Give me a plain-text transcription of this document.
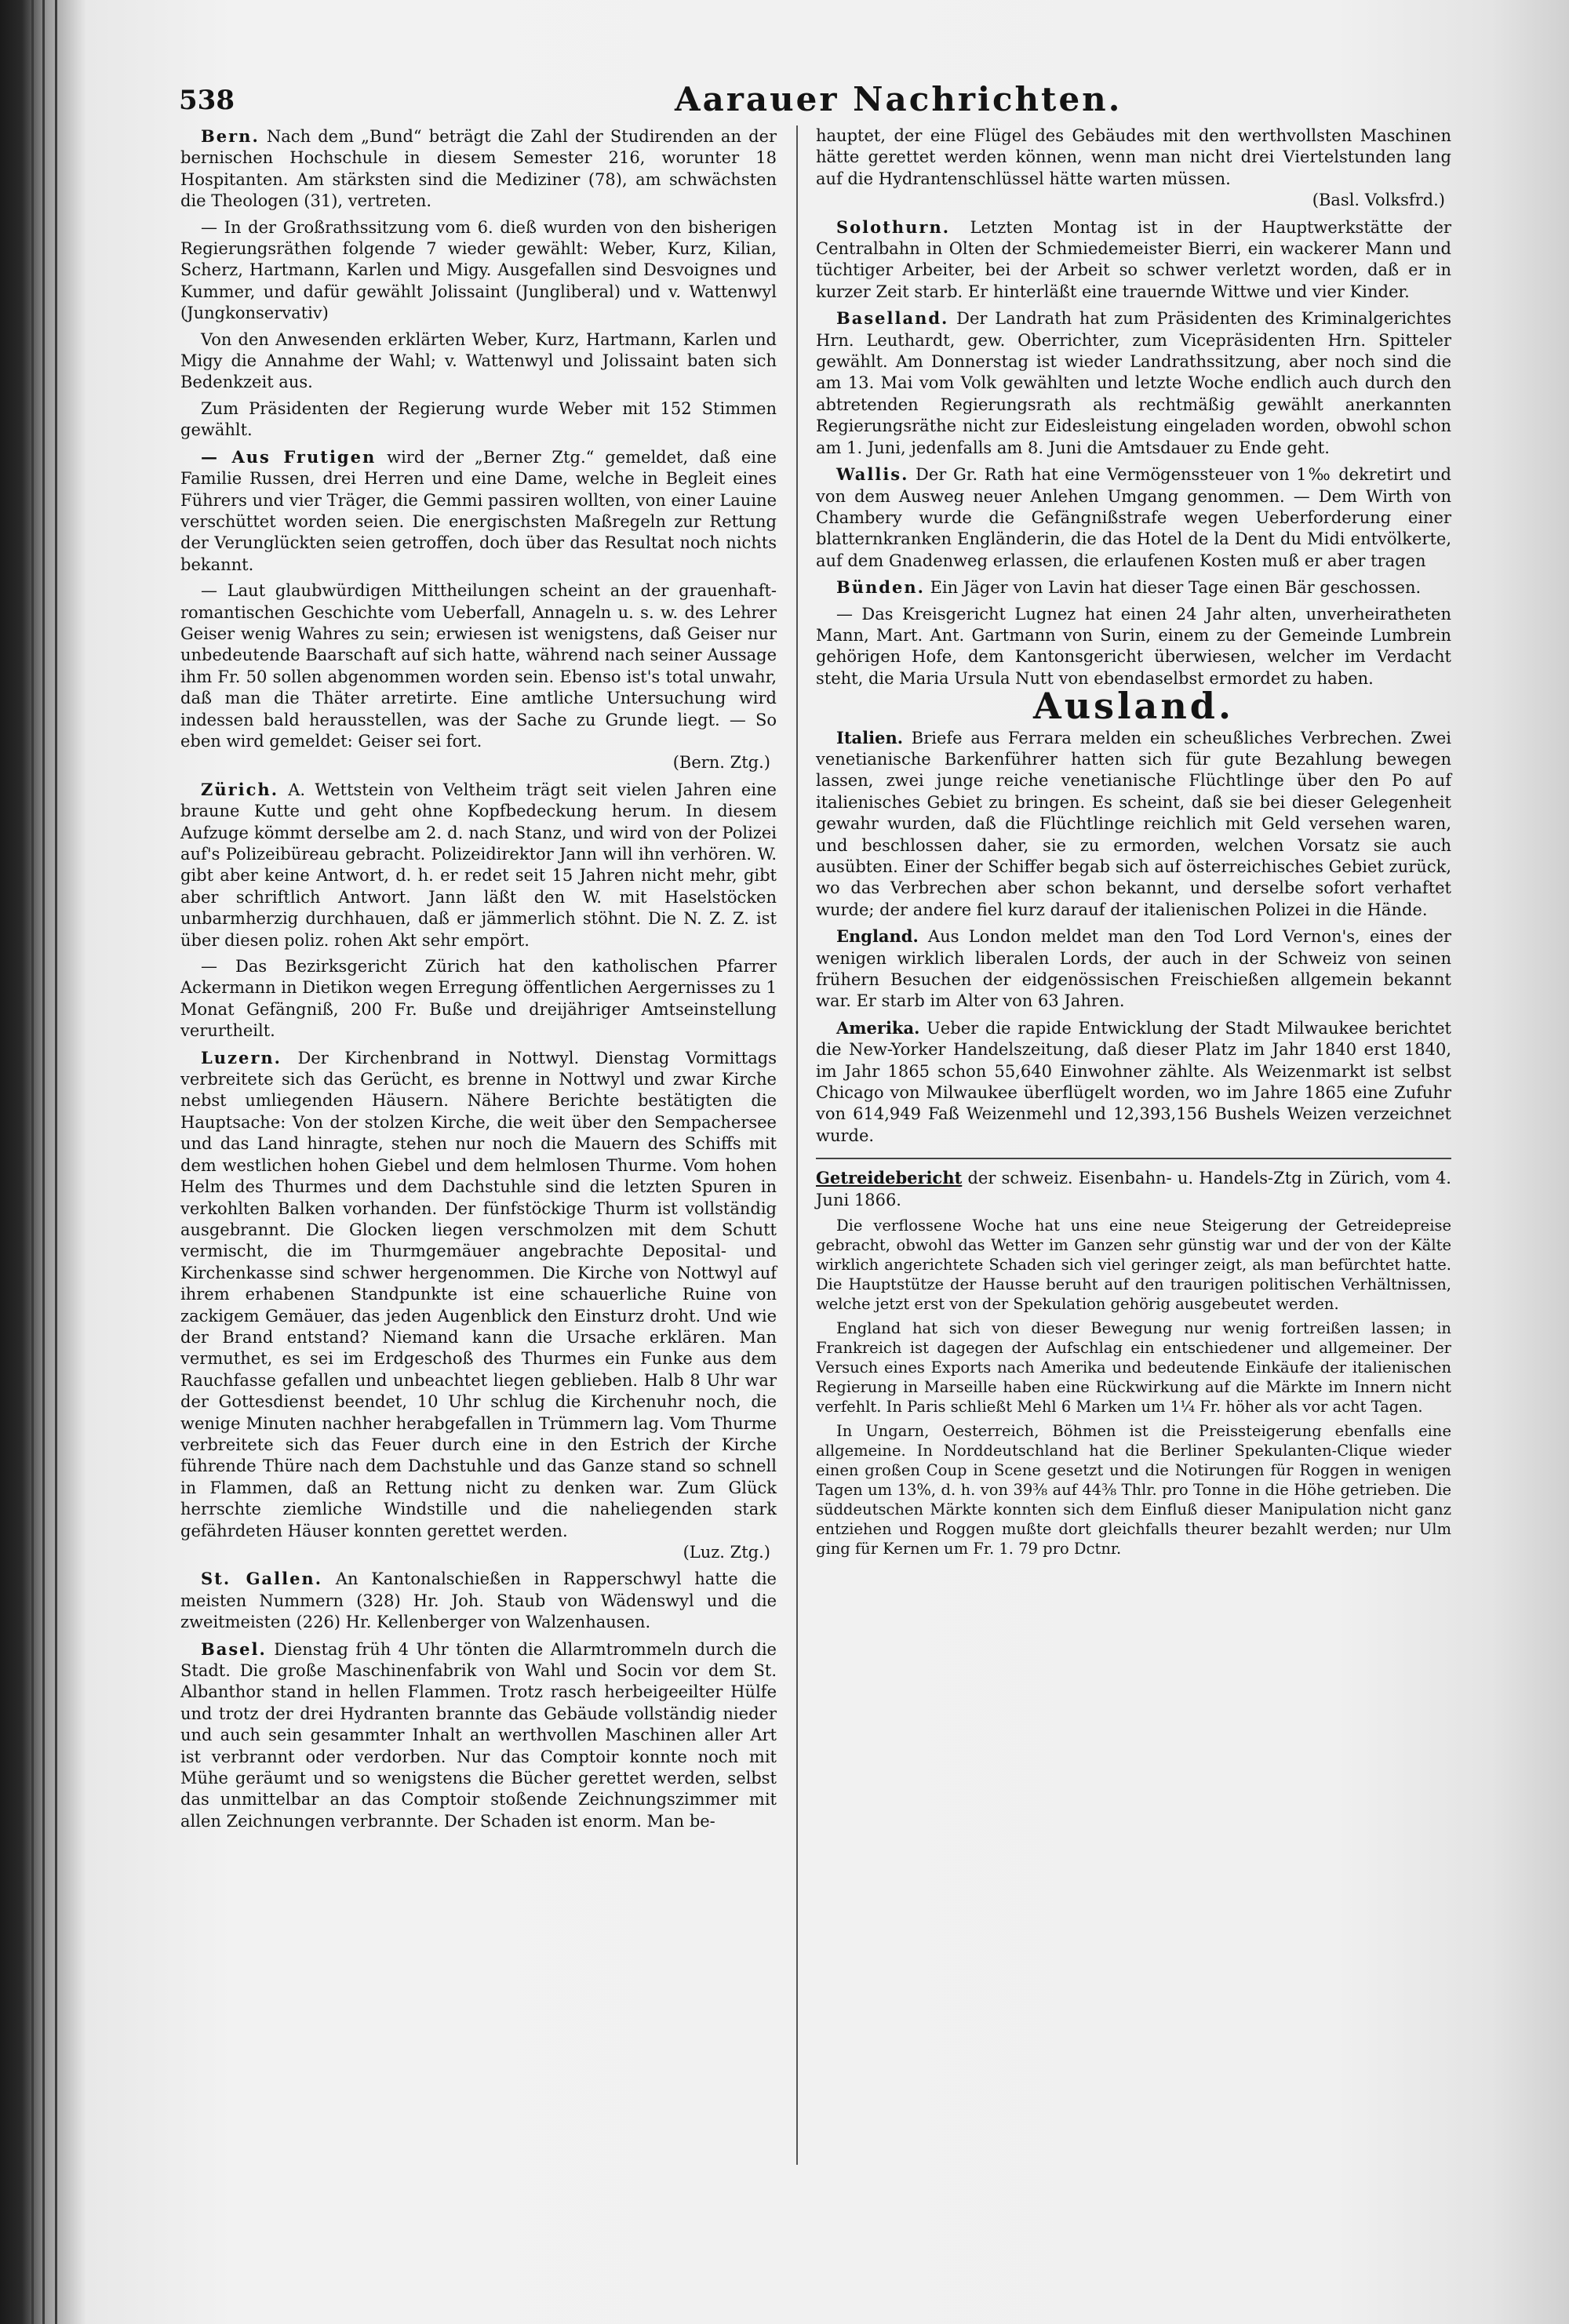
538	Aarauer Nachrichten.

Bern. Nach dem „Bund“ beträgt die Zahl der Studirenden an der bernischen Hochschule in diesem Semester 216, worunter 18 Hospitanten. Am stärksten sind die Mediziner (78), am schwächsten die Theologen (31), vertreten.

— In der Großrathssitzung vom 6. dieß wurden von den bisherigen Regierungsräthen folgende 7 wieder gewählt: Weber, Kurz, Kilian, Scherz, Hartmann, Karlen und Migy. Ausgefallen sind Desvoignes und Kummer, und dafür gewählt Jolissaint (Jungliberal) und v. Wattenwyl (Jungkonservativ)

Von den Anwesenden erklärten Weber, Kurz, Hartmann, Karlen und Migy die Annahme der Wahl; v. Wattenwyl und Jolissaint baten sich Bedenkzeit aus.

Zum Präsidenten der Regierung wurde Weber mit 152 Stimmen gewählt.

— Aus Frutigen wird der „Berner Ztg.“ gemeldet, daß eine Familie Russen, drei Herren und eine Dame, welche in Begleit eines Führers und vier Träger, die Gemmi passiren wollten, von einer Lauine verschüttet worden seien. Die energischsten Maßregeln zur Rettung der Verunglückten seien getroffen, doch über das Resultat noch nichts bekannt.

— Laut glaubwürdigen Mittheilungen scheint an der grauenhaft-romantischen Geschichte vom Ueberfall, Annageln u. s. w. des Lehrer Geiser wenig Wahres zu sein; erwiesen ist wenigstens, daß Geiser nur unbedeutende Baarschaft auf sich hatte, während nach seiner Aussage ihm Fr. 50 sollen abgenommen worden sein. Ebenso ist's total unwahr, daß man die Thäter arretirte. Eine amtliche Untersuchung wird indessen bald herausstellen, was der Sache zu Grunde liegt. — So eben wird gemeldet: Geiser sei fort.
(Bern. Ztg.)

Zürich. A. Wettstein von Veltheim trägt seit vielen Jahren eine braune Kutte und geht ohne Kopfbedeckung herum. In diesem Aufzuge kömmt derselbe am 2. d. nach Stanz, und wird von der Polizei auf's Polizeibüreau gebracht. Polizeidirektor Jann will ihn verhören. W. gibt aber keine Antwort, d. h. er redet seit 15 Jahren nicht mehr, gibt aber schriftlich Antwort. Jann läßt den W. mit Haselstöcken unbarmherzig durchhauen, daß er jämmerlich stöhnt. Die N. Z. Z. ist über diesen poliz. rohen Akt sehr empört.

— Das Bezirksgericht Zürich hat den katholischen Pfarrer Ackermann in Dietikon wegen Erregung öffentlichen Aergernisses zu 1 Monat Gefängniß, 200 Fr. Buße und dreijähriger Amtseinstellung verurtheilt.

Luzern. Der Kirchenbrand in Nottwyl. Dienstag Vormittags verbreitete sich das Gerücht, es brenne in Nottwyl und zwar Kirche nebst umliegenden Häusern. Nähere Berichte bestätigten die Hauptsache: Von der stolzen Kirche, die weit über den Sempachersee und das Land hinragte, stehen nur noch die Mauern des Schiffs mit dem westlichen hohen Giebel und dem helmlosen Thurme. Vom hohen Helm des Thurmes und dem Dachstuhle sind die letzten Spuren in verkohlten Balken vorhanden. Der fünfstöckige Thurm ist vollständig ausgebrannt. Die Glocken liegen verschmolzen mit dem Schutt vermischt, die im Thurmgemäuer angebrachte Deposital- und Kirchenkasse sind schwer hergenommen. Die Kirche von Nottwyl auf ihrem erhabenen Standpunkte ist eine schauerliche Ruine von zackigem Gemäuer, das jeden Augenblick den Einsturz droht. Und wie der Brand entstand? Niemand kann die Ursache erklären. Man vermuthet, es sei im Erdgeschoß des Thurmes ein Funke aus dem Rauchfasse gefallen und unbeachtet liegen geblieben. Halb 8 Uhr war der Gottesdienst beendet, 10 Uhr schlug die Kirchenuhr noch, die wenige Minuten nachher herabgefallen in Trümmern lag. Vom Thurme verbreitete sich das Feuer durch eine in den Estrich der Kirche führende Thüre nach dem Dachstuhle und das Ganze stand so schnell in Flammen, daß an Rettung nicht zu denken war. Zum Glück herrschte ziemliche Windstille und die naheliegenden stark gefährdeten Häuser konnten gerettet werden.
(Luz. Ztg.)

St. Gallen. An Kantonalschießen in Rapperschwyl hatte die meisten Nummern (328) Hr. Joh. Staub von Wädenswyl und die zweitmeisten (226) Hr. Kellenberger von Walzenhausen.

Basel. Dienstag früh 4 Uhr tönten die Allarmtrommeln durch die Stadt. Die große Maschinenfabrik von Wahl und Socin vor dem St. Albanthor stand in hellen Flammen. Trotz rasch herbeigeeilter Hülfe und trotz der drei Hydranten brannte das Gebäude vollständig nieder und auch sein gesammter Inhalt an werthvollen Maschinen aller Art ist verbrannt oder verdorben. Nur das Comptoir konnte noch mit Mühe geräumt und so wenigstens die Bücher gerettet werden, selbst das unmittelbar an das Comptoir stoßende Zeichnungszimmer mit allen Zeichnungen verbrannte. Der Schaden ist enorm. Man be-

hauptet, der eine Flügel des Gebäudes mit den werthvollsten Maschinen hätte gerettet werden können, wenn man nicht drei Viertelstunden lang auf die Hydrantenschlüssel hätte warten müssen.
(Basl. Volksfrd.)

Solothurn. Letzten Montag ist in der Hauptwerkstätte der Centralbahn in Olten der Schmiedemeister Bierri, ein wackerer Mann und tüchtiger Arbeiter, bei der Arbeit so schwer verletzt worden, daß er in kurzer Zeit starb. Er hinterläßt eine trauernde Wittwe und vier Kinder.

Baselland. Der Landrath hat zum Präsidenten des Kriminalgerichtes Hrn. Leuthardt, gew. Oberrichter, zum Vicepräsidenten Hrn. Spitteler gewählt. Am Donnerstag ist wieder Landrathssitzung, aber noch sind die am 13. Mai vom Volk gewählten und letzte Woche endlich auch durch den abtretenden Regierungsrath als rechtmäßig gewählt anerkannten Regierungsräthe nicht zur Eidesleistung eingeladen worden, obwohl schon am 1. Juni, jedenfalls am 8. Juni die Amtsdauer zu Ende geht.

Wallis. Der Gr. Rath hat eine Vermögenssteuer von 1‰ dekretirt und von dem Ausweg neuer Anlehen Umgang genommen. — Dem Wirth von Chambery wurde die Gefängnißstrafe wegen Ueberforderung einer blatternkranken Engländerin, die das Hotel de la Dent du Midi entvölkerte, auf dem Gnadenweg erlassen, die erlaufenen Kosten muß er aber tragen

Bünden. Ein Jäger von Lavin hat dieser Tage einen Bär geschossen.

— Das Kreisgericht Lugnez hat einen 24 Jahr alten, unverheiratheten Mann, Mart. Ant. Gartmann von Surin, einem zu der Gemeinde Lumbrein gehörigen Hofe, dem Kantonsgericht überwiesen, welcher im Verdacht steht, die Maria Ursula Nutt von ebendaselbst ermordet zu haben.

Ausland.

Italien. Briefe aus Ferrara melden ein scheußliches Verbrechen. Zwei venetianische Barkenführer hatten sich für gute Bezahlung bewegen lassen, zwei junge reiche venetianische Flüchtlinge über den Po auf italienisches Gebiet zu bringen. Es scheint, daß sie bei dieser Gelegenheit gewahr wurden, daß die Flüchtlinge reichlich mit Geld versehen waren, und beschlossen daher, sie zu ermorden, welchen Vorsatz sie auch ausübten. Einer der Schiffer begab sich auf österreichisches Gebiet zurück, wo das Verbrechen aber schon bekannt, und derselbe sofort verhaftet wurde; der andere fiel kurz darauf der italienischen Polizei in die Hände.

England. Aus London meldet man den Tod Lord Vernon's, eines der wenigen wirklich liberalen Lords, der auch in der Schweiz von seinen frühern Besuchen der eidgenössischen Freischießen allgemein bekannt war. Er starb im Alter von 63 Jahren.

Amerika. Ueber die rapide Entwicklung der Stadt Milwaukee berichtet die New-Yorker Handelszeitung, daß dieser Platz im Jahr 1840 erst 1840, im Jahr 1865 schon 55,640 Einwohner zählte. Als Weizenmarkt ist selbst Chicago von Milwaukee überflügelt worden, wo im Jahre 1865 eine Zufuhr von 614,949 Faß Weizenmehl und 12,393,156 Bushels Weizen verzeichnet wurde.

Getreidebericht der schweiz. Eisenbahn- u. Handels-Ztg in Zürich, vom 4. Juni 1866.

Die verflossene Woche hat uns eine neue Steigerung der Getreidepreise gebracht, obwohl das Wetter im Ganzen sehr günstig war und der von der Kälte wirklich angerichtete Schaden sich viel geringer zeigt, als man befürchtet hatte. Die Hauptstütze der Hausse beruht auf den traurigen politischen Verhältnissen, welche jetzt erst von der Spekulation gehörig ausgebeutet werden.

England hat sich von dieser Bewegung nur wenig fortreißen lassen; in Frankreich ist dagegen der Aufschlag ein entschiedener und allgemeiner. Der Versuch eines Exports nach Amerika und bedeutende Einkäufe der italienischen Regierung in Marseille haben eine Rückwirkung auf die Märkte im Innern nicht verfehlt. In Paris schließt Mehl 6 Marken um 1¼ Fr. höher als vor acht Tagen.

In Ungarn, Oesterreich, Böhmen ist die Preissteigerung ebenfalls eine allgemeine. In Norddeutschland hat die Berliner Spekulanten-Clique wieder einen großen Coup in Scene gesetzt und die Notirungen für Roggen in wenigen Tagen um 13%, d. h. von 39⅜ auf 44⅜ Thlr. pro Tonne in die Höhe getrieben. Die süddeutschen Märkte konnten sich dem Einfluß dieser Manipulation nicht ganz entziehen und Roggen mußte dort gleichfalls theurer bezahlt werden; nur Ulm ging für Kernen um Fr. 1. 79 pro Dctnr.
